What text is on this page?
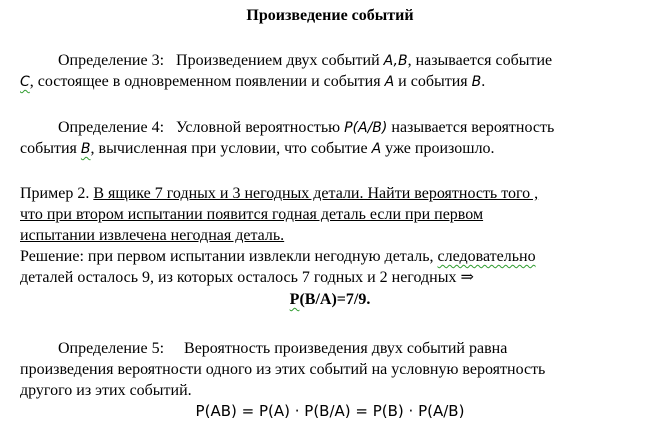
Произведение событий
Определение 3: Произведением двух событий A,B, называется событие
C, состоящее в одновременном появлении и события A и события B.
Определение 4: Условной вероятностью P(A/B) называется вероятность
события B, вычисленная при условии, что событие A уже произошло.
Пример 2. В ящике 7 годных и 3 негодных детали. Найти вероятность того ,
что при втором испытании появится годная деталь если при первом
испытании извлечена негодная деталь.
Решение: при первом испытании извлекли негодную деталь, следовательно
деталей осталось 9, из которых осталось 7 годных и 2 негодных ⇒
P(B/A)=7/9.
Определение 5: Вероятность произведения двух событий равна
произведения вероятности одного из этих событий на условную вероятность
другого из этих событий.
P(AB) = P(A) · P(B/A) = P(B) · P(A/B)
